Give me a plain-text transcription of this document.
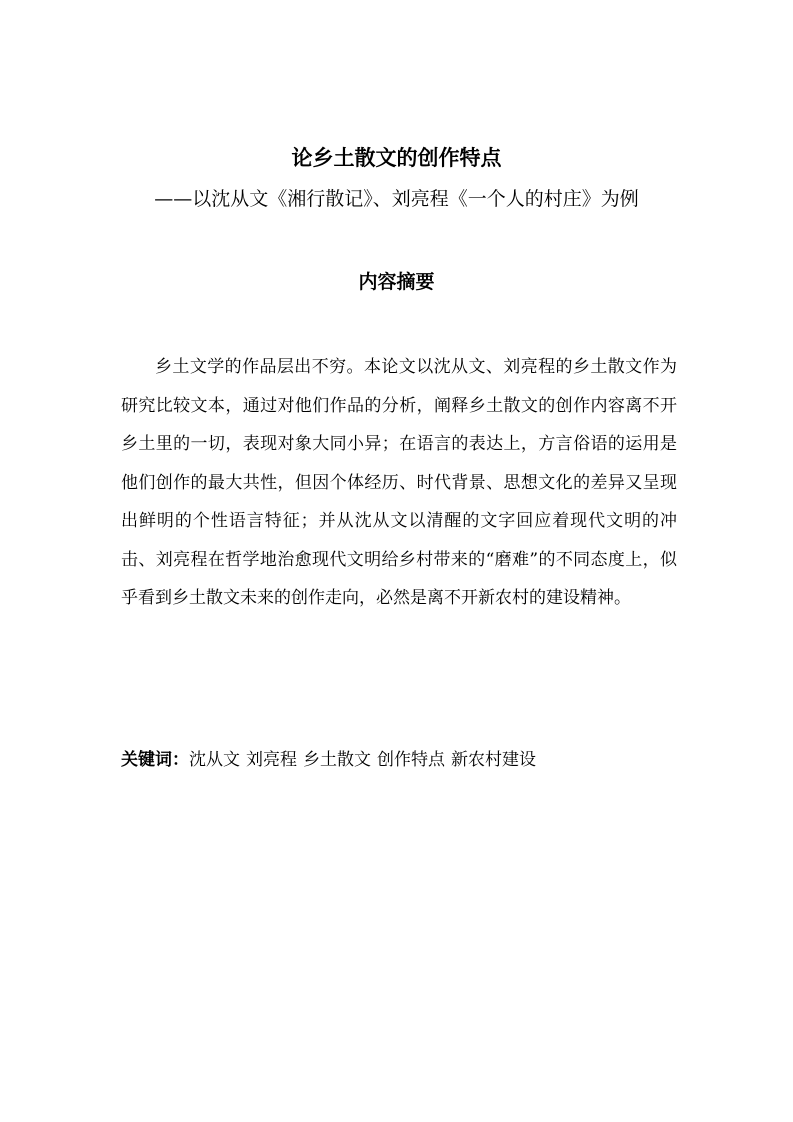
论乡土散文的创作特点
——以沈从文《湘行散记》、刘亮程《一个人的村庄》为例
内容摘要

乡土文学的作品层出不穷。本论文以沈从文、刘亮程的乡土散文作为研究比较文本，通过对他们作品的分析，阐释乡土散文的创作内容离不开乡土里的一切，表现对象大同小异；在语言的表达上，方言俗语的运用是他们创作的最大共性，但因个体经历、时代背景、思想文化的差异又呈现出鲜明的个性语言特征；并从沈从文以清醒的文字回应着现代文明的冲击、刘亮程在哲学地治愈现代文明给乡村带来的“磨难”的不同态度上，似乎看到乡土散文未来的创作走向，必然是离不开新农村的建设精神。

关键词：沈从文 刘亮程 乡土散文 创作特点 新农村建设
